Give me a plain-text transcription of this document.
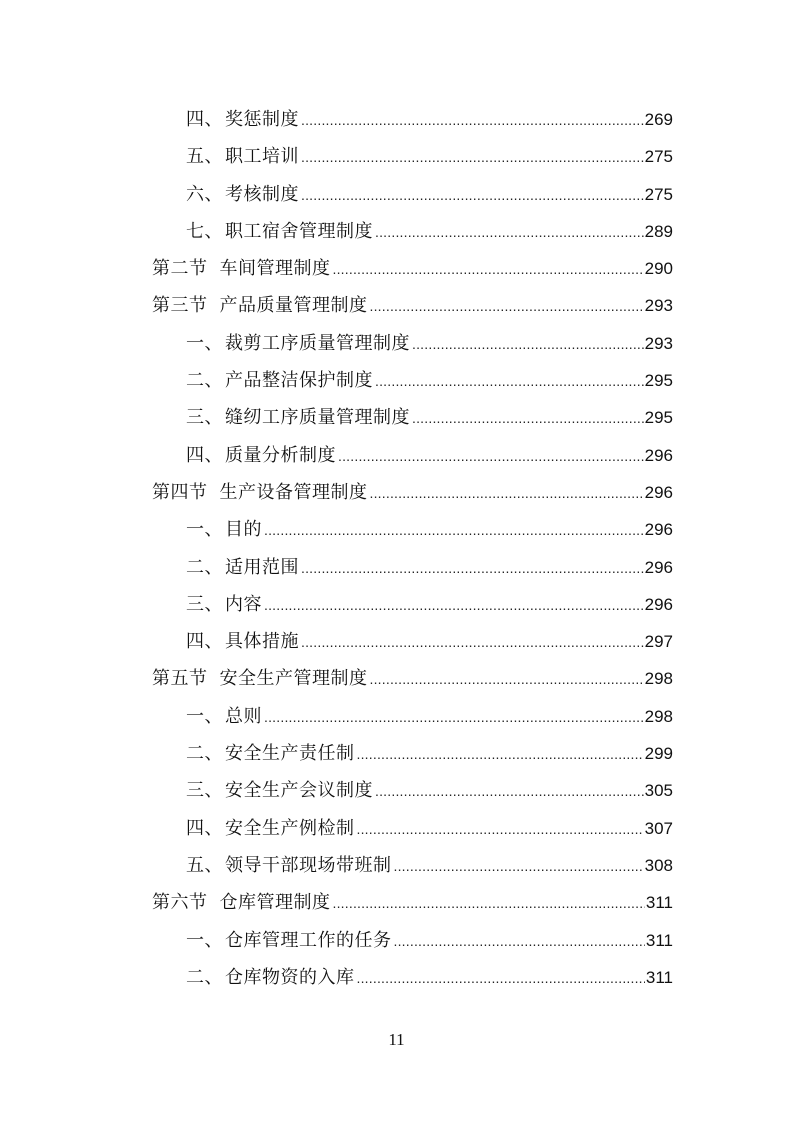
四、 奖惩制度 .....	269
五、 职工培训 .....	275
六、 考核制度 .....	275
七、 职工宿舍管理制度 .....	289
第二节 车间管理制度 .....	290
第三节 产品质量管理制度 .....	293
一、 裁剪工序质量管理制度 .....	293
二、 产品整洁保护制度 .....	295
三、 缝纫工序质量管理制度 .....	295
四、 质量分析制度 .....	296
第四节 生产设备管理制度 .....	296
一、 目的 .....	296
二、 适用范围 .....	296
三、 内容 .....	296
四、 具体措施 .....	297
第五节 安全生产管理制度 .....	298
一、 总则 .....	298
二、 安全生产责任制 .....	299
三、 安全生产会议制度 .....	305
四、 安全生产例检制 .....	307
五、 领导干部现场带班制 .....	308
第六节 仓库管理制度 .....	311
一、 仓库管理工作的任务 .....	311
二、 仓库物资的入库 .....	311
11
